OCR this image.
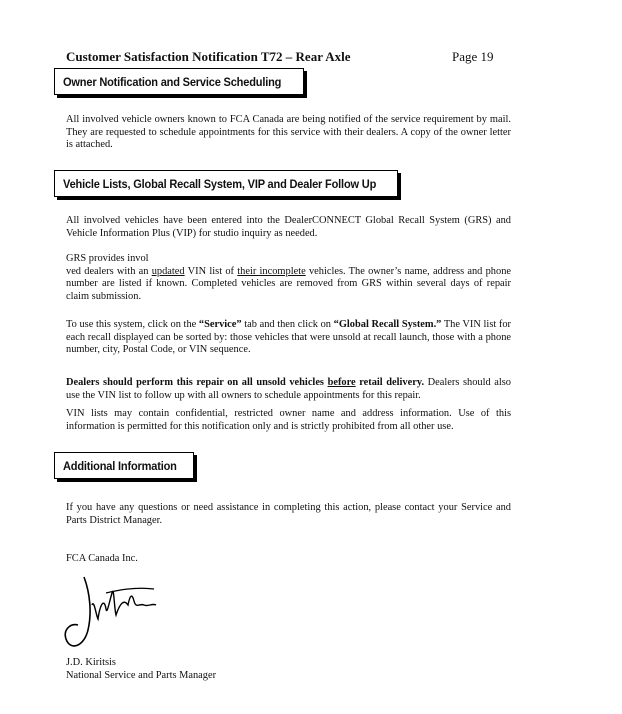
Customer Satisfaction Notification T72 – Rear Axle	Page 19
Owner Notification and Service Scheduling
All involved vehicle owners known to FCA Canada are being notified of the service requirement by mail. They are requested to schedule appointments for this service with their dealers. A copy of the owner letter is attached.
Vehicle Lists, Global Recall System, VIP and Dealer Follow Up
All involved vehicles have been entered into the DealerCONNECT Global Recall System (GRS) and Vehicle Information Plus (VIP) for studio inquiry as needed.
GRS provides invol
ved dealers with an updated VIN list of their incomplete vehicles. The owner’s name, address and phone number are listed if known. Completed vehicles are removed from GRS within several days of repair claim submission.
To use this system, click on the “Service” tab and then click on “Global Recall System.” The VIN list for each recall displayed can be sorted by: those vehicles that were unsold at recall launch, those with a phone number, city, Postal Code, or VIN sequence.
Dealers should perform this repair on all unsold vehicles before retail delivery. Dealers should also use the VIN list to follow up with all owners to schedule appointments for this repair.
VIN lists may contain confidential, restricted owner name and address information. Use of this information is permitted for this notification only and is strictly prohibited from all other use.
Additional Information
If you have any questions or need assistance in completing this action, please contact your Service and Parts District Manager.
FCA Canada Inc.
J.D. Kiritsis
National Service and Parts Manager
